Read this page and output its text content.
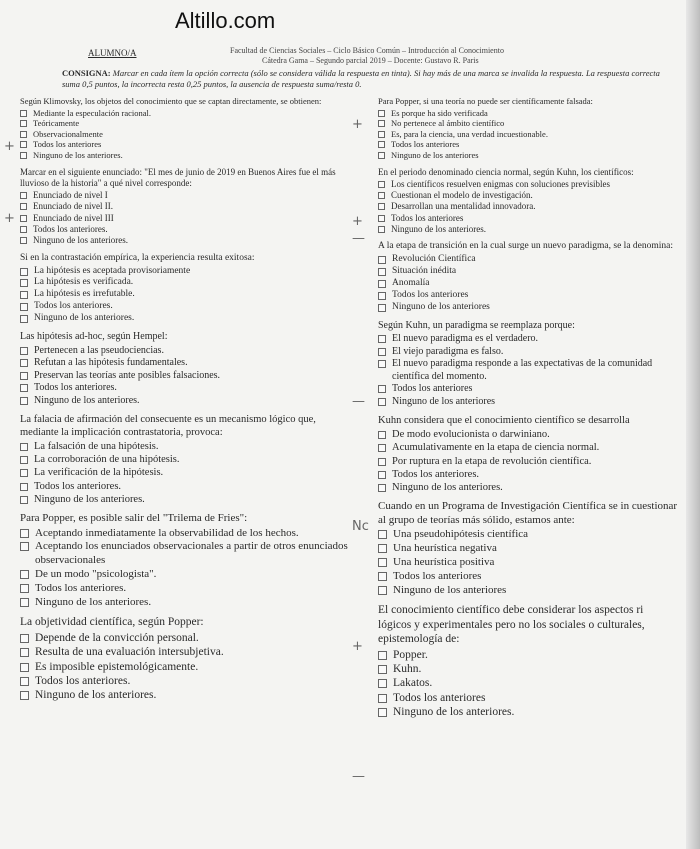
Altillo.com
ALUMNO/A	Facultad de Ciencias Sociales – Ciclo Básico Común – Introducción al Conocimiento
Cátedra Gama – Segundo parcial 2019 – Docente: Gustavo R. Paris
CONSIGNA: Marcar en cada ítem la opción correcta (sólo se considera válida la respuesta en tinta). Si hay más de una marca se invalida la respuesta. La respuesta correcta suma 0,5 puntos, la incorrecta resta 0,25 puntos, la ausencia de respuesta suma/resta 0.
Según Klimovsky, los objetos del conocimiento que se captan directamente, se obtienen:
Mediante la especulación racional.
Teóricamente
Observacionalmente
Todos los anteriores
Ninguno de los anteriores.
Marcar en el siguiente enunciado: "El mes de junio de 2019 en Buenos Aires fue el más lluvioso de la historia" a qué nivel corresponde:
Enunciado de nivel I
Enunciado de nivel II.
Enunciado de nivel III
Todos los anteriores.
Ninguno de los anteriores.
Si en la contrastación empírica, la experiencia resulta exitosa:
La hipótesis es aceptada provisoriamente
La hipótesis es verificada.
La hipótesis es irrefutable.
Todos los anteriores.
Ninguno de los anteriores.
Las hipótesis ad-hoc, según Hempel:
Pertenecen a las pseudociencias.
Refutan a las hipótesis fundamentales.
Preservan las teorías ante posibles falsaciones.
Todos los anteriores.
Ninguno de los anteriores.
La falacia de afirmación del consecuente es un mecanismo lógico que, mediante la implicación contrastatoria, provoca:
La falsación de una hipótesis.
La corroboración de una hipótesis.
La verificación de la hipótesis.
Todos los anteriores.
Ninguno de los anteriores.
Para Popper, es posible salir del "Trilema de Fries":
Aceptando inmediatamente la observabilidad de los hechos.
Aceptando los enunciados observacionales a partir de otros enunciados observacionales
De un modo "psicologista".
Todos los anteriores.
Ninguno de los anteriores.
La objetividad científica, según Popper:
Depende de la convicción personal.
Resulta de una evaluación intersubjetiva.
Es imposible epistemológicamente.
Todos los anteriores.
Ninguno de los anteriores.
Para Popper, si una teoría no puede ser científicamente falsada:
Es porque ha sido verificada
No pertenece al ámbito científico
Es, para la ciencia, una verdad incuestionable.
Todos los anteriores
Ninguno de los anteriores
En el periodo denominado ciencia normal, según Kuhn, los científicos:
Los científicos resuelven enigmas con soluciones previsibles
Cuestionan el modelo de investigación.
Desarrollan una mentalidad innovadora.
Todos los anteriores
Ninguno de los anteriores.
A la etapa de transición en la cual surge un nuevo paradigma, se la denomina:
Revolución Científica
Situación inédita
Anomalía
Todos los anteriores
Ninguno de los anteriores
Según Kuhn, un paradigma se reemplaza porque:
El nuevo paradigma es el verdadero.
El viejo paradigma es falso.
El nuevo paradigma responde a las expectativas de la comunidad científica del momento.
Todos los anteriores
Ninguno de los anteriores
Kuhn considera que el conocimiento científico se desarrolla
De modo evolucionista o darwiniano.
Acumulativamente en la etapa de ciencia normal.
Por ruptura en la etapa de revolución científica.
Todos los anteriores.
Ninguno de los anteriores.
Cuando en un Programa de Investigación Científica se in cuestionar al grupo de teorías más sólido, estamos ante:
Una pseudohipótesis científica
Una heurística negativa
Una heurística positiva
Todos los anteriores
Ninguno de los anteriores
El conocimiento científico debe considerar los aspectos ri lógicos y experimentales pero no los sociales o culturales, epistemología de:
Popper.
Kuhn.
Lakatos.
Todos los anteriores
Ninguno de los anteriores.
+
+
—
+
—
+
Nc
+
—
